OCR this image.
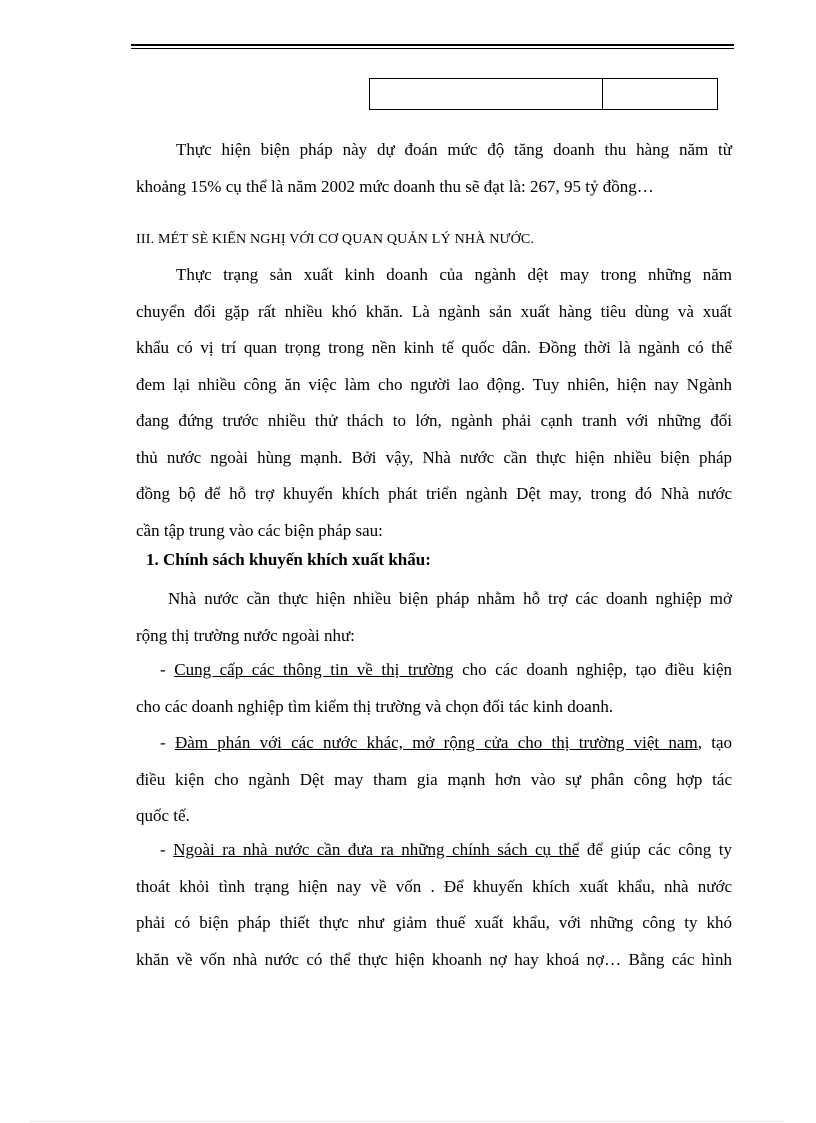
Thực hiện biện pháp này dự đoán mức độ tăng doanh thu hàng năm từ
khoảng 15% cụ thể là năm 2002 mức doanh thu sẽ đạt là: 267, 95 tỷ đồng…

III. MÉT SÈ KIẾN NGHỊ VỚI CƠ QUAN QUẢN LÝ NHÀ NƯỚC.

Thực trạng sản xuất kinh doanh của ngành dệt may trong những năm
chuyển đổi gặp rất nhiều khó khăn. Là ngành sản xuất hàng tiêu dùng và xuất
khẩu có vị trí quan trọng trong nền kinh tế quốc dân. Đồng thời là ngành có thể
đem lại nhiều công ăn việc làm cho người lao động. Tuy nhiên, hiện nay Ngành
đang đứng trước nhiều thử thách to lớn, ngành phải cạnh tranh với những đối
thủ nước ngoài hùng mạnh. Bởi vậy, Nhà nước cần thực hiện nhiều biện pháp
đồng bộ để hỗ trợ khuyến khích phát triển ngành Dệt may, trong đó Nhà nước
cần tập trung vào các biện pháp sau:

1. Chính sách khuyến khích xuất khẩu:

Nhà nước cần thực hiện nhiều biện pháp nhằm hỗ trợ các doanh nghiệp mở
rộng thị trường nước ngoài như:
- Cung cấp các thông tin về thị trường cho các doanh nghiệp, tạo điều kiện
cho các doanh nghiệp tìm kiếm thị trường và chọn đối tác kinh doanh.
- Đàm phán với các nước khác, mở rộng cửa cho thị trường việt nam, tạo
điều kiện cho ngành Dệt may tham gia mạnh hơn vào sự phân công hợp tác
quốc tế.
- Ngoài ra nhà nước cần đưa ra những chính sách cụ thể để giúp các công ty
thoát khỏi tình trạng hiện nay về vốn . Để khuyến khích xuất khẩu, nhà nước
phải có biện pháp thiết thực như giảm thuế xuất khẩu, với những công ty khó
khăn về vốn nhà nước có thể thực hiện khoanh nợ hay khoá nợ… Bằng các hình
